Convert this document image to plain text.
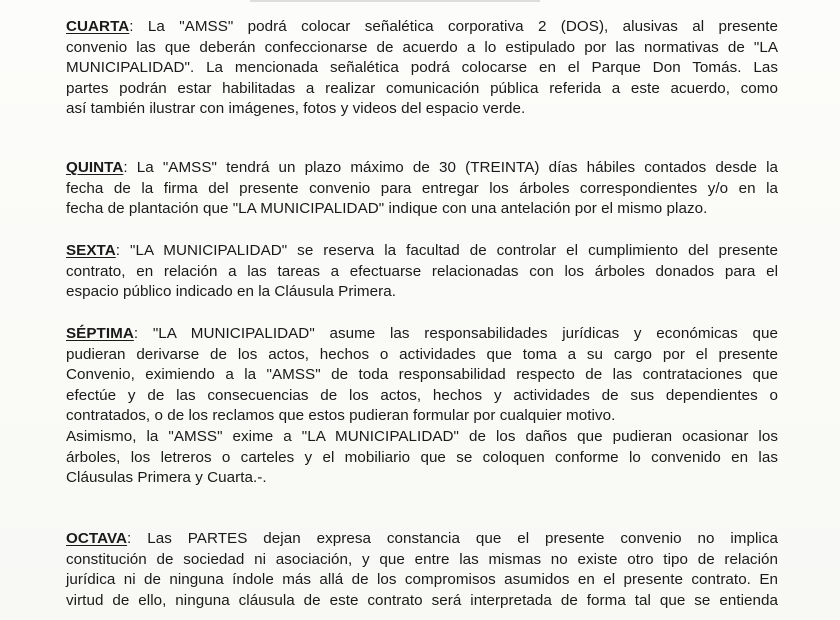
CUARTA: La "AMSS" podrá colocar señalética corporativa 2 (DOS), alusivas al presente
convenio las que deberán confeccionarse de acuerdo a lo estipulado por las normativas de "LA
MUNICIPALIDAD". La mencionada señalética podrá colocarse en el Parque Don Tomás. Las
partes podrán estar habilitadas a realizar comunicación pública referida a este acuerdo, como
así también ilustrar con imágenes, fotos y videos del espacio verde.
QUINTA: La "AMSS" tendrá un plazo máximo de 30 (TREINTA) días hábiles contados desde la
fecha de la firma del presente convenio para entregar los árboles correspondientes y/o en la
fecha de plantación que "LA MUNICIPALIDAD" indique con una antelación por el mismo plazo.
SEXTA: "LA MUNICIPALIDAD" se reserva la facultad de controlar el cumplimiento del presente
contrato, en relación a las tareas a efectuarse relacionadas con los árboles donados para el
espacio público indicado en la Cláusula Primera.
SÉPTIMA: "LA MUNICIPALIDAD" asume las responsabilidades jurídicas y económicas que
pudieran derivarse de los actos, hechos o actividades que toma a su cargo por el presente
Convenio, eximiendo a la "AMSS" de toda responsabilidad respecto de las contrataciones que
efectúe y de las consecuencias de los actos, hechos y actividades de sus dependientes o
contratados, o de los reclamos que estos pudieran formular por cualquier motivo.
Asimismo, la "AMSS" exime a "LA MUNICIPALIDAD" de los daños que pudieran ocasionar los
árboles, los letreros o carteles y el mobiliario que se coloquen conforme lo convenido en las
Cláusulas Primera y Cuarta.-.
OCTAVA: Las PARTES dejan expresa constancia que el presente convenio no implica
constitución de sociedad ni asociación, y que entre las mismas no existe otro tipo de relación
jurídica ni de ninguna índole más allá de los compromisos asumidos en el presente contrato. En
virtud de ello, ninguna cláusula de este contrato será interpretada de forma tal que se entienda
